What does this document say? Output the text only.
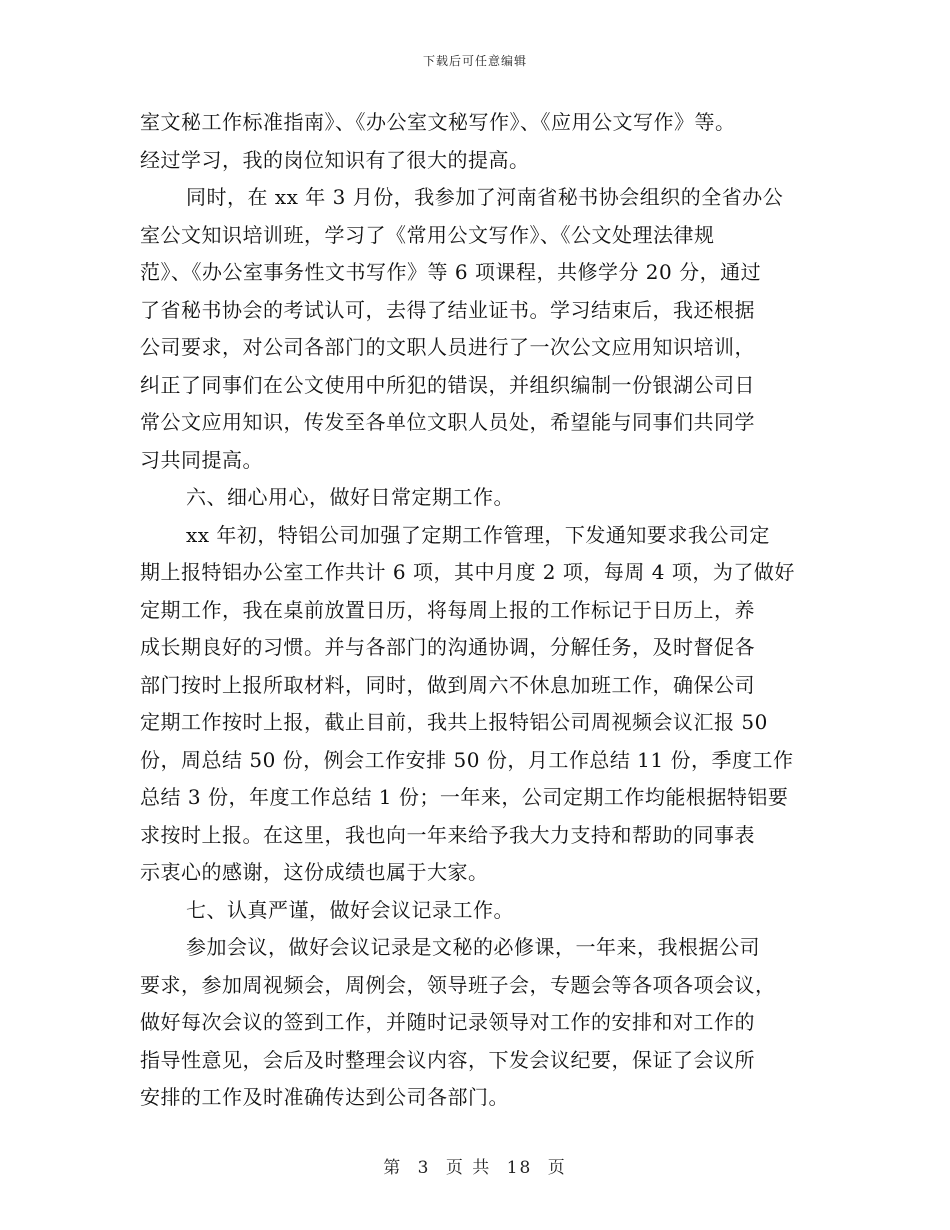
下载后可任意编辑
室文秘工作标准指南》、《办公室文秘写作》、《应用公文写作》等。
经过学习，我的岗位知识有了很大的提高。
同时，在 xx 年 3 月份，我参加了河南省秘书协会组织的全省办公
室公文知识培训班，学习了《常用公文写作》、《公文处理法律规
范》、《办公室事务性文书写作》等 6 项课程，共修学分 20 分，通过
了省秘书协会的考试认可，去得了结业证书。学习结束后，我还根据
公司要求，对公司各部门的文职人员进行了一次公文应用知识培训，
纠正了同事们在公文使用中所犯的错误，并组织编制一份银湖公司日
常公文应用知识，传发至各单位文职人员处，希望能与同事们共同学
习共同提高。
六、细心用心，做好日常定期工作。
xx 年初，特铝公司加强了定期工作管理，下发通知要求我公司定
期上报特铝办公室工作共计 6 项，其中月度 2 项，每周 4 项，为了做好
定期工作，我在桌前放置日历，将每周上报的工作标记于日历上，养
成长期良好的习惯。并与各部门的沟通协调，分解任务，及时督促各
部门按时上报所取材料，同时，做到周六不休息加班工作，确保公司
定期工作按时上报，截止目前，我共上报特铝公司周视频会议汇报 50
份，周总结 50 份，例会工作安排 50 份，月工作总结 11 份，季度工作
总结 3 份，年度工作总结 1 份；一年来，公司定期工作均能根据特铝要
求按时上报。在这里，我也向一年来给予我大力支持和帮助的同事表
示衷心的感谢，这份成绩也属于大家。
七、认真严谨，做好会议记录工作。
参加会议，做好会议记录是文秘的必修课，一年来，我根据公司
要求，参加周视频会，周例会，领导班子会，专题会等各项各项会议，
做好每次会议的签到工作，并随时记录领导对工作的安排和对工作的
指导性意见，会后及时整理会议内容，下发会议纪要，保证了会议所
安排的工作及时准确传达到公司各部门。
第 3 页 共 18 页
